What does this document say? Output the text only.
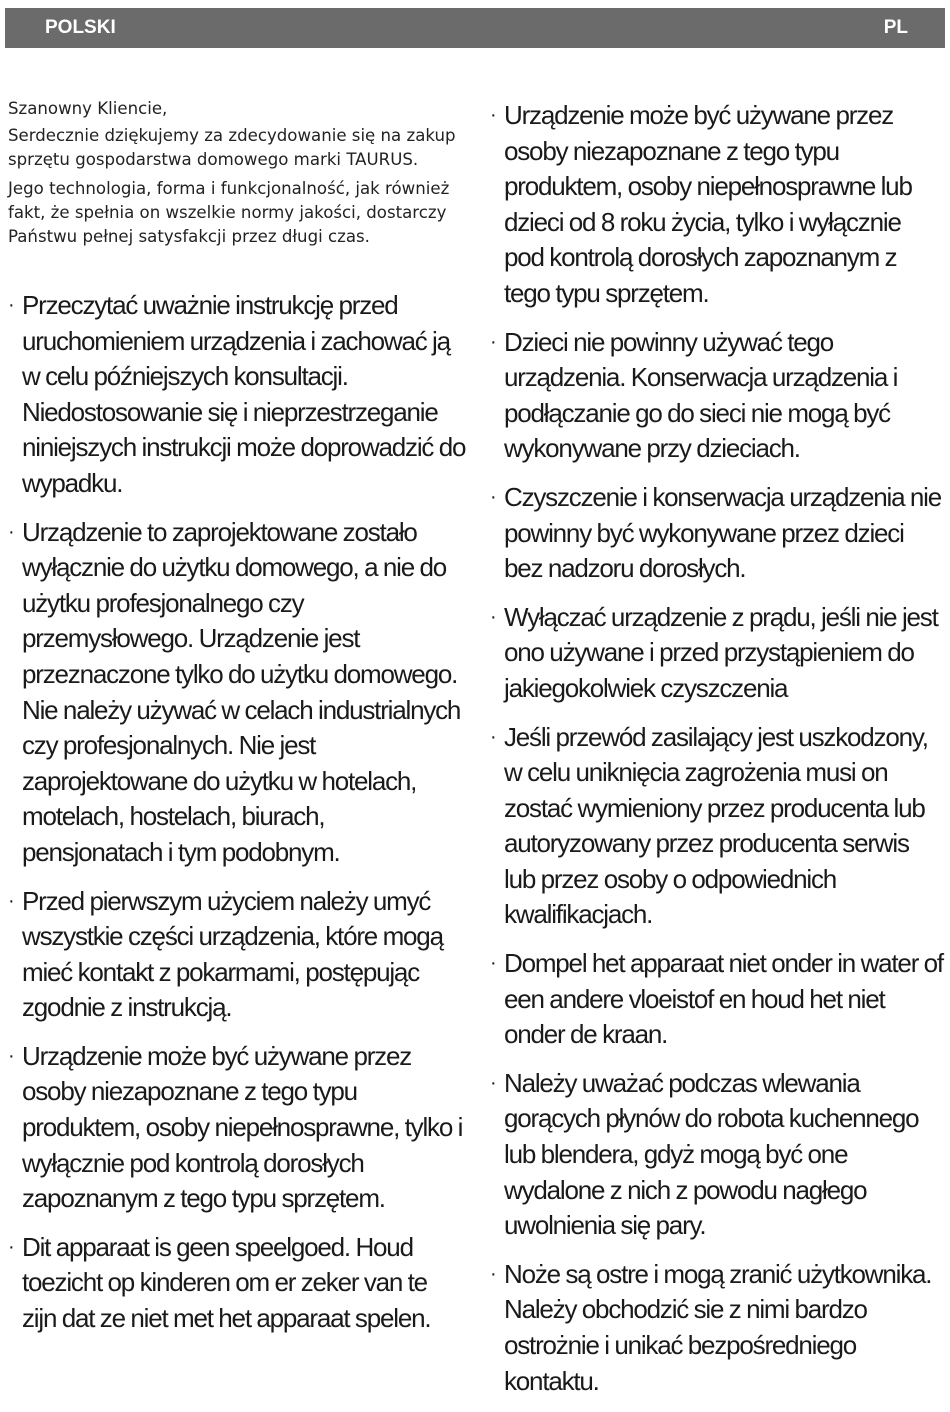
POLSKI	PL

Szanowny Kliencie,

Serdecznie dziękujemy za zdecydowanie się na zakup sprzętu gospodarstwa domowego marki TAURUS.

Jego technologia, forma i funkcjonalność, jak również fakt, że spełnia on wszelkie normy jakości, dostarczy Państwu pełnej satysfakcji przez długi czas.

· Przeczytać uważnie instrukcję przed uruchomieniem urządzenia i zachować ją w celu późniejszych konsultacji. Niedostosowanie się i nieprzestrzeganie niniejszych instrukcji może doprowadzić do wypadku.
· Urządzenie to zaprojektowane zostało wyłącznie do użytku domowego, a nie do użytku profesjonalnego czy przemysłowego. Urządzenie jest przeznaczone tylko do użytku domowego. Nie należy używać w celach industrialnych czy profesjonalnych. Nie jest zaprojektowane do użytku w hotelach, motelach, hostelach, biurach, pensjonatach i tym podobnym.
· Przed pierwszym użyciem należy umyć wszystkie części urządzenia, które mogą mieć kontakt z pokarmami, postępując zgodnie z instrukcją.
· Urządzenie może być używane przez osoby niezapoznane z tego typu produktem, osoby niepełnosprawne, tylko i wyłącznie pod kontrolą dorosłych zapoznanym z tego typu sprzętem.
· Dit apparaat is geen speelgoed. Houd toezicht op kinderen om er zeker van te zijn dat ze niet met het apparaat spelen.
· Urządzenie może być używane przez osoby niezapoznane z tego typu produktem, osoby niepełnosprawne lub dzieci od 8 roku życia, tylko i wyłącznie pod kontrolą dorosłych zapoznanym z tego typu sprzętem.
· Dzieci nie powinny używać tego urządzenia. Konserwacja urządzenia i podłączanie go do sieci nie mogą być wykonywane przy dzieciach.
· Czyszczenie i konserwacja urządzenia nie powinny być wykonywane przez dzieci bez nadzoru dorosłych.
· Wyłączać urządzenie z prądu, jeśli nie jest ono używane i przed przystąpieniem do jakiegokolwiek czyszczenia
· Jeśli przewód zasilający jest uszkodzony, w celu uniknięcia zagrożenia musi on zostać wymieniony przez producenta lub autoryzowany przez producenta serwis lub przez osoby o odpowiednich kwalifikacjach.
· Dompel het apparaat niet onder in water of een andere vloeistof en houd het niet onder de kraan.
· Należy uważać podczas wlewania gorących płynów do robota kuchennego lub blendera, gdyż mogą być one wydalone z nich z powodu nagłego uwolnienia się pary.
· Noże są ostre i mogą zranić użytkownika. Należy obchodzić sie z nimi bardzo ostrożnie i unikać bezpośredniego kontaktu.
